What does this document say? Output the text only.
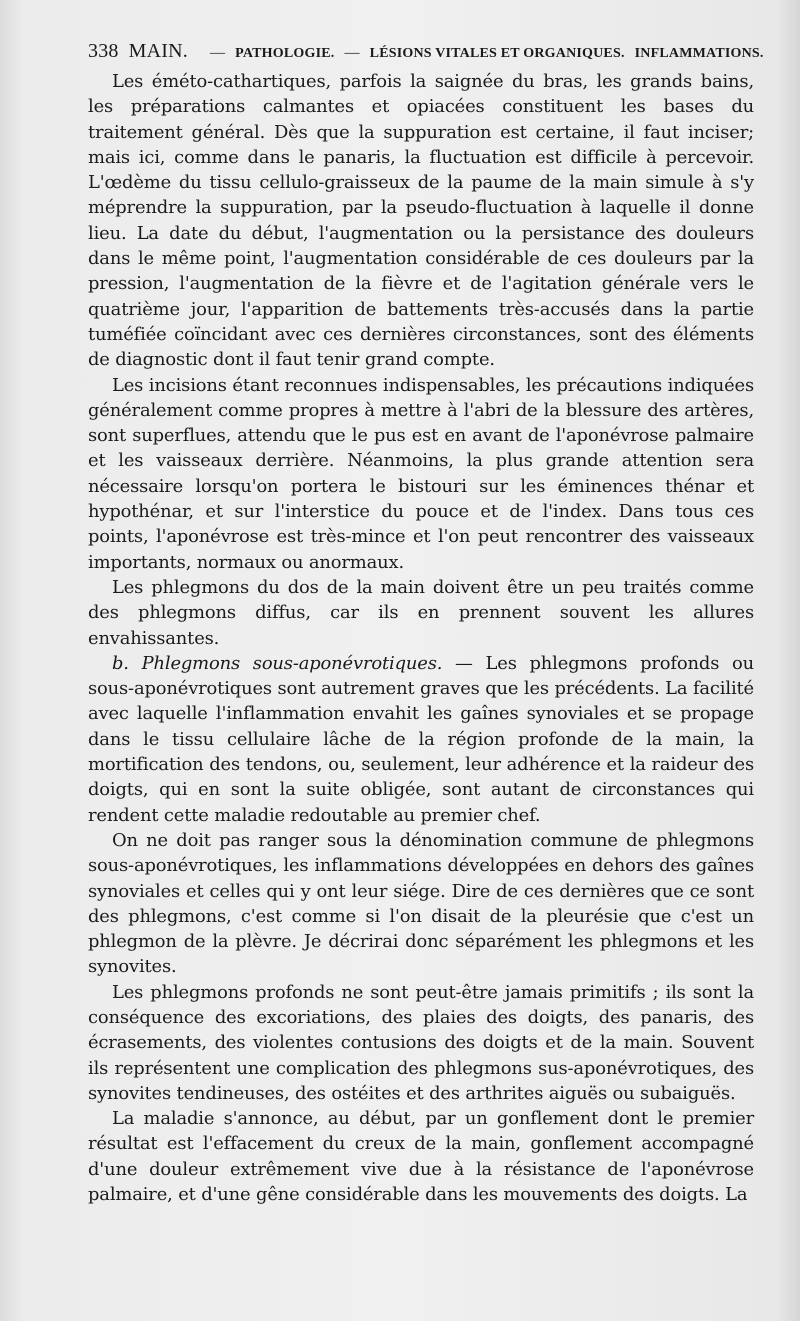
338 MAIN. — PATHOLOGIE. — LÉSIONS VITALES ET ORGANIQUES. INFLAMMATIONS.

Les éméto-cathartiques, parfois la saignée du bras, les grands bains, les préparations calmantes et opiacées constituent les bases du traitement général. Dès que la suppuration est certaine, il faut inciser; mais ici, comme dans le panaris, la fluctuation est difficile à percevoir. L'œdème du tissu cellulo-graisseux de la paume de la main simule à s'y méprendre la suppuration, par la pseudo-fluctuation à laquelle il donne lieu. La date du début, l'augmentation ou la persistance des douleurs dans le même point, l'augmentation considérable de ces douleurs par la pression, l'augmentation de la fièvre et de l'agitation générale vers le quatrième jour, l'apparition de battements très-accusés dans la partie tuméfiée coïncidant avec ces dernières circonstances, sont des éléments de diagnostic dont il faut tenir grand compte.

Les incisions étant reconnues indispensables, les précautions indiquées généralement comme propres à mettre à l'abri de la blessure des artères, sont superflues, attendu que le pus est en avant de l'aponévrose palmaire et les vaisseaux derrière. Néanmoins, la plus grande attention sera nécessaire lorsqu'on portera le bistouri sur les éminences thénar et hypothénar, et sur l'interstice du pouce et de l'index. Dans tous ces points, l'aponévrose est très-mince et l'on peut rencontrer des vaisseaux importants, normaux ou anormaux.

Les phlegmons du dos de la main doivent être un peu traités comme des phlegmons diffus, car ils en prennent souvent les allures envahissantes.

b. Phlegmons sous-aponévrotiques. — Les phlegmons profonds ou sous-aponévrotiques sont autrement graves que les précédents. La facilité avec laquelle l'inflammation envahit les gaînes synoviales et se propage dans le tissu cellulaire lâche de la région profonde de la main, la mortification des tendons, ou, seulement, leur adhérence et la raideur des doigts, qui en sont la suite obligée, sont autant de circonstances qui rendent cette maladie redoutable au premier chef.

On ne doit pas ranger sous la dénomination commune de phlegmons sous-aponévrotiques, les inflammations développées en dehors des gaînes synoviales et celles qui y ont leur siége. Dire de ces dernières que ce sont des phlegmons, c'est comme si l'on disait de la pleurésie que c'est un phlegmon de la plèvre. Je décrirai donc séparément les phlegmons et les synovites.

Les phlegmons profonds ne sont peut-être jamais primitifs ; ils sont la conséquence des excoriations, des plaies des doigts, des panaris, des écrasements, des violentes contusions des doigts et de la main. Souvent ils représentent une complication des phlegmons sus-aponévrotiques, des synovites tendineuses, des ostéites et des arthrites aiguës ou subaiguës.

La maladie s'annonce, au début, par un gonflement dont le premier résultat est l'effacement du creux de la main, gonflement accompagné d'une douleur extrêmement vive due à la résistance de l'aponévrose palmaire, et d'une gêne considérable dans les mouvements des doigts. La
